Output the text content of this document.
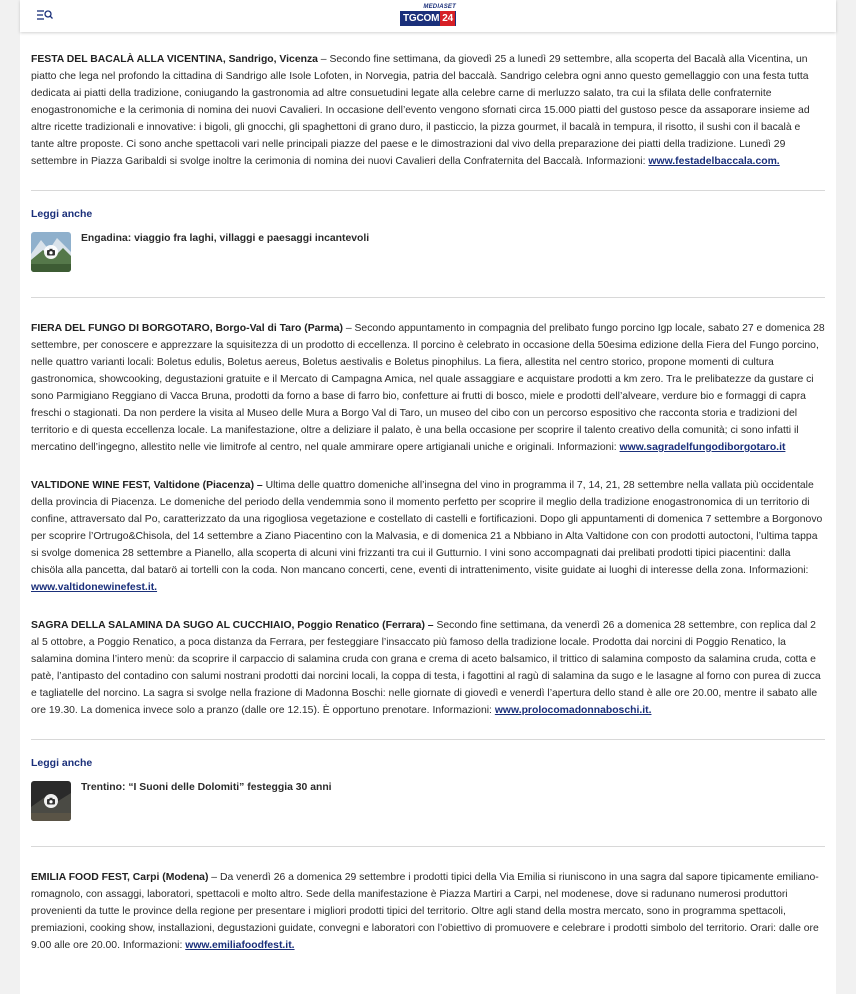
MEDIASET
TGCOM 24

FESTA DEL BACALÀ ALLA VICENTINA, Sandrigo, Vicenza – Secondo fine settimana, da giovedì 25 a lunedì 29 settembre, alla scoperta del Bacalà alla Vicentina, un piatto che lega nel profondo la cittadina di Sandrigo alle Isole Lofoten, in Norvegia, patria del baccalà. Sandrigo celebra ogni anno questo gemellaggio con una festa tutta dedicata ai piatti della tradizione, coniugando la gastronomia ad altre consuetudini legate alla celebre carne di merluzzo salato, tra cui la sfilata delle confraternite enogastronomiche e la cerimonia di nomina dei nuovi Cavalieri. In occasione dell’evento vengono sfornati circa 15.000 piatti del gustoso pesce da assaporare insieme ad altre ricette tradizionali e innovative: i bigoli, gli gnocchi, gli spaghettoni di grano duro, il pasticcio, la pizza gourmet, il bacalà in tempura, il risotto, il sushi con il bacalà e tante altre proposte. Ci sono anche spettacoli vari nelle principali piazze del paese e le dimostrazioni dal vivo della preparazione dei piatti della tradizione. Lunedì 29 settembre in Piazza Garibaldi si svolge inoltre la cerimonia di nomina dei nuovi Cavalieri della Confraternita del Baccalà. Informazioni: www.festadelbaccala.com.

Leggi anche
Engadina: viaggio fra laghi, villaggi e paesaggi incantevoli

FIERA DEL FUNGO DI BORGOTARO, Borgo-Val di Taro (Parma) – Secondo appuntamento in compagnia del prelibato fungo porcino Igp locale, sabato 27 e domenica 28 settembre, per conoscere e apprezzare la squisitezza di un prodotto di eccellenza. Il porcino è celebrato in occasione della 50esima edizione della Fiera del Fungo porcino, nelle quattro varianti locali: Boletus edulis, Boletus aereus, Boletus aestivalis e Boletus pinophilus. La fiera, allestita nel centro storico, propone momenti di cultura gastronomica, showcooking, degustazioni gratuite e il Mercato di Campagna Amica, nel quale assaggiare e acquistare prodotti a km zero. Tra le prelibatezze da gustare ci sono Parmigiano Reggiano di Vacca Bruna, prodotti da forno a base di farro bio, confetture ai frutti di bosco, miele e prodotti dell’alveare, verdure bio e formaggi di capra freschi o stagionati. Da non perdere la visita al Museo delle Mura a Borgo Val di Taro, un museo del cibo con un percorso espositivo che racconta storia e tradizioni del territorio e di questa eccellenza locale. La manifestazione, oltre a deliziare il palato, è una bella occasione per scoprire il talento creativo della comunità; ci sono infatti il mercatino dell’ingegno, allestito nelle vie limitrofe al centro, nel quale ammirare opere artigianali uniche e originali. Informazioni: www.sagradelfungodiborgotaro.it

VALTIDONE WINE FEST, Valtidone (Piacenza) – Ultima delle quattro domeniche all’insegna del vino in programma il 7, 14, 21, 28 settembre nella vallata più occidentale della provincia di Piacenza. Le domeniche del periodo della vendemmia sono il momento perfetto per scoprire il meglio della tradizione enogastronomica di un territorio di confine, attraversato dal Po, caratterizzato da una rigogliosa vegetazione e costellato di castelli e fortificazioni. Dopo gli appuntamenti di domenica 7 settembre a Borgonovo per scoprire l’Ortrugo&Chisola, del 14 settembre a Ziano Piacentino con la Malvasia, e di domenica 21 a Nbbiano in Alta Valtidone con con prodotti autoctoni, l’ultima tappa si svolge domenica 28 settembre a Pianello, alla scoperta di alcuni vini frizzanti tra cui il Gutturnio. I vini sono accompagnati dai prelibati prodotti tipici piacentini: dalla chisöla alla pancetta, dal batarö ai tortelli con la coda. Non mancano concerti, cene, eventi di intrattenimento, visite guidate ai luoghi di interesse della zona. Informazioni: www.valtidonewinefest.it.

SAGRA DELLA SALAMINA DA SUGO AL CUCCHIAIO, Poggio Renatico (Ferrara) – Secondo fine settimana, da venerdì 26 a domenica 28 settembre, con replica dal 2 al 5 ottobre, a Poggio Renatico, a poca distanza da Ferrara, per festeggiare l’insaccato più famoso della tradizione locale. Prodotta dai norcini di Poggio Renatico, la salamina domina l’intero menù: da scoprire il carpaccio di salamina cruda con grana e crema di aceto balsamico, il trittico di salamina composto da salamina cruda, cotta e patè, l’antipasto del contadino con salumi nostrani prodotti dai norcini locali, la coppa di testa, i fagottini al ragù di salamina da sugo e le lasagne al forno con purea di zucca e tagliatelle del norcino. La sagra si svolge nella frazione di Madonna Boschi: nelle giornate di giovedì e venerdì l’apertura dello stand è alle ore 20.00, mentre il sabato alle ore 19.30. La domenica invece solo a pranzo (dalle ore 12.15). È opportuno prenotare. Informazioni: www.prolocomadonnaboschi.it.

Leggi anche
Trentino: “I Suoni delle Dolomiti” festeggia 30 anni

EMILIA FOOD FEST, Carpi (Modena) – Da venerdì 26 a domenica 29 settembre i prodotti tipici della Via Emilia si riuniscono in una sagra dal sapore tipicamente emiliano-romagnolo, con assaggi, laboratori, spettacoli e molto altro. Sede della manifestazione è Piazza Martiri a Carpi, nel modenese, dove si radunano numerosi produttori provenienti da tutte le province della regione per presentare i migliori prodotti tipici del territorio. Oltre agli stand della mostra mercato, sono in programma spettacoli, premiazioni, cooking show, installazioni, degustazioni guidate, convegni e laboratori con l’obiettivo di promuovere e celebrare i prodotti simbolo del territorio. Orari: dalle ore 9.00 alle ore 20.00. Informazioni: www.emiliafoodfest.it.
